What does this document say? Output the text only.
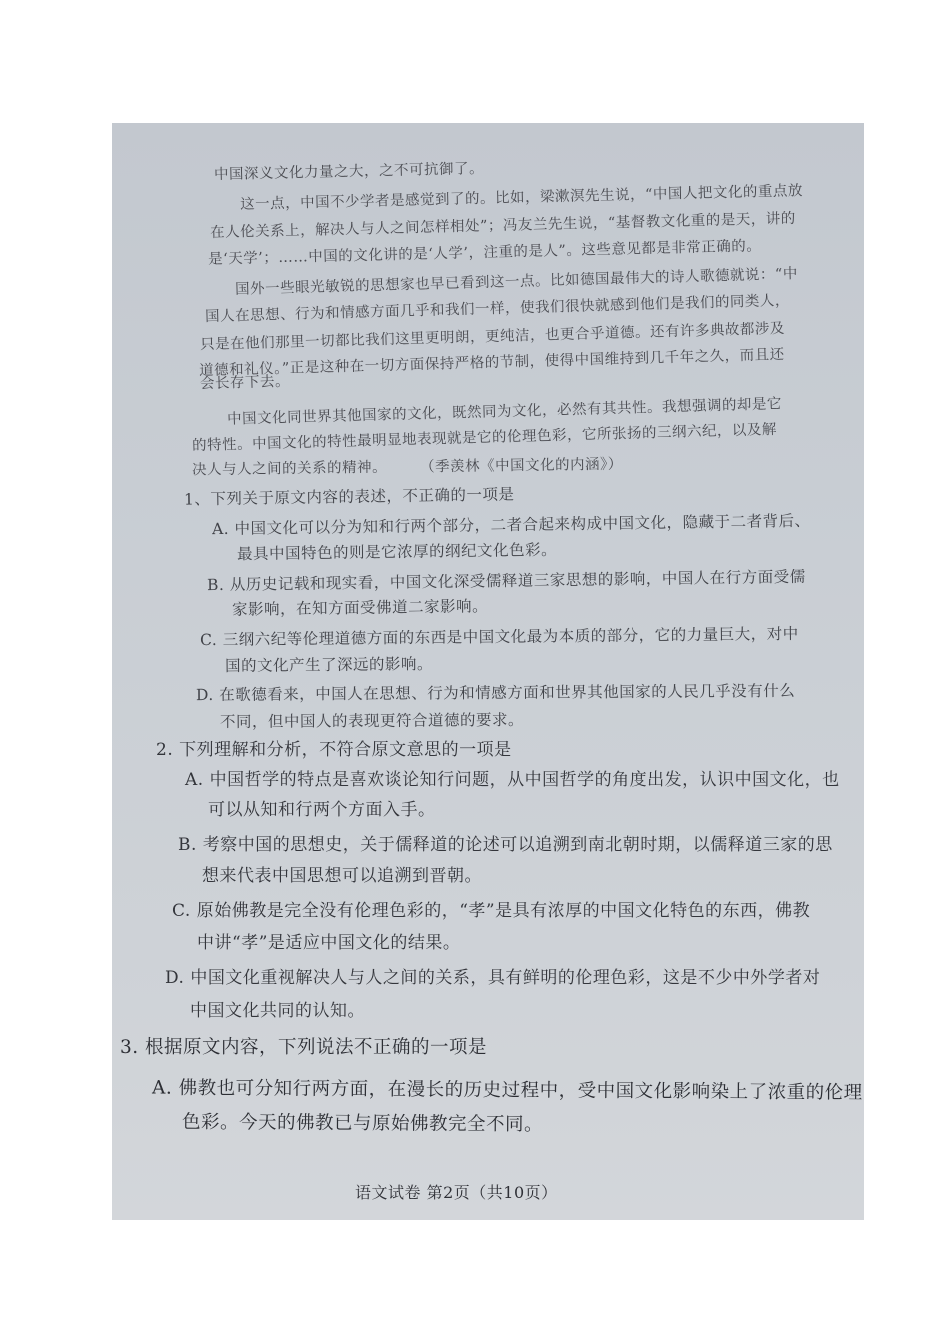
中国深义文化力量之大，之不可抗御了。
这一点，中国不少学者是感觉到了的。比如，梁漱溟先生说，“中国人把文化的重点放
在人伦关系上，解决人与人之间怎样相处”；冯友兰先生说，“基督教文化重的是天，讲的
是‘天学’；……中国的文化讲的是‘人学’，注重的是人”。这些意见都是非常正确的。
国外一些眼光敏锐的思想家也早已看到这一点。比如德国最伟大的诗人歌德就说：“中
国人在思想、行为和情感方面几乎和我们一样，使我们很快就感到他们是我们的同类人，
只是在他们那里一切都比我们这里更明朗，更纯洁，也更合乎道德。还有许多典故都涉及
道德和礼仪。”正是这种在一切方面保持严格的节制，使得中国维持到几千年之久，而且还
会长存下去。
中国文化同世界其他国家的文化，既然同为文化，必然有其共性。我想强调的却是它
的特性。中国文化的特性最明显地表现就是它的伦理色彩，它所张扬的三纲六纪，以及解
决人与人之间的关系的精神。 （季羡林《中国文化的内涵》）
1、下列关于原文内容的表述，不正确的一项是
A. 中国文化可以分为知和行两个部分，二者合起来构成中国文化，隐藏于二者背后、
最具中国特色的则是它浓厚的纲纪文化色彩。
B. 从历史记载和现实看，中国文化深受儒释道三家思想的影响，中国人在行方面受儒
家影响，在知方面受佛道二家影响。
C. 三纲六纪等伦理道德方面的东西是中国文化最为本质的部分，它的力量巨大，对中
国的文化产生了深远的影响。
D. 在歌德看来，中国人在思想、行为和情感方面和世界其他国家的人民几乎没有什么
不同，但中国人的表现更符合道德的要求。
2. 下列理解和分析，不符合原文意思的一项是
A. 中国哲学的特点是喜欢谈论知行问题，从中国哲学的角度出发，认识中国文化，也
可以从知和行两个方面入手。
B. 考察中国的思想史，关于儒释道的论述可以追溯到南北朝时期，以儒释道三家的思
想来代表中国思想可以追溯到晋朝。
C. 原始佛教是完全没有伦理色彩的，“孝”是具有浓厚的中国文化特色的东西，佛教
中讲“孝”是适应中国文化的结果。
D. 中国文化重视解决人与人之间的关系，具有鲜明的伦理色彩，这是不少中外学者对
中国文化共同的认知。
3. 根据原文内容，下列说法不正确的一项是
A. 佛教也可分知行两方面，在漫长的历史过程中，受中国文化影响染上了浓重的伦理
色彩。今天的佛教已与原始佛教完全不同。
语文试卷 第2页（共10页）
